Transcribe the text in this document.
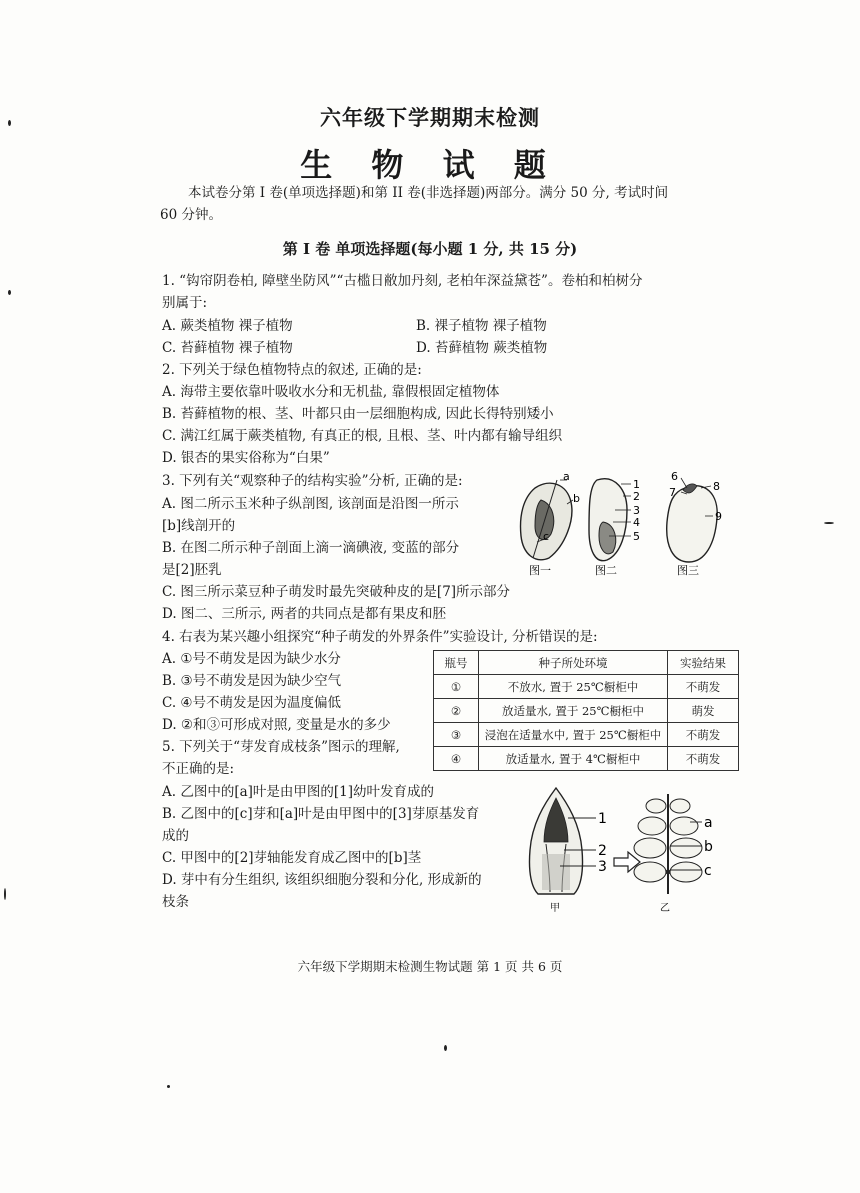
六年级下学期期末检测
生 物 试 题
本试卷分第 I 卷(单项选择题)和第 II 卷(非选择题)两部分。满分 50 分, 考试时间
60 分钟。
第 I 卷 单项选择题(每小题 1 分, 共 15 分)
1. “钩帘阴卷柏, 障壁坐防风”“古槛日敝加丹刻, 老柏年深益黛苍”。卷柏和柏树分
别属于:
A. 蕨类植物 裸子植物	B. 裸子植物 裸子植物
C. 苔藓植物 裸子植物	D. 苔藓植物 蕨类植物
2. 下列关于绿色植物特点的叙述, 正确的是:
A. 海带主要依靠叶吸收水分和无机盐, 靠假根固定植物体
B. 苔藓植物的根、茎、叶都只由一层细胞构成, 因此长得特别矮小
C. 满江红属于蕨类植物, 有真正的根, 且根、茎、叶内都有输导组织
D. 银杏的果实俗称为“白果”
3. 下列有关“观察种子的结构实验”分析, 正确的是:
A. 图二所示玉米种子纵剖图, 该剖面是沿图一所示
[b]线剖开的
B. 在图二所示种子剖面上滴一滴碘液, 变蓝的部分
是[2]胚乳
C. 图三所示菜豆种子萌发时最先突破种皮的是[7]所示部分
D. 图二、三所示, 两者的共同点是都有果皮和胚
a
b
c
图一
1
2
3
4
5
图二
6
7	8
9
图三
4. 右表为某兴趣小组探究“种子萌发的外界条件”实验设计, 分析错误的是:
A. ①号不萌发是因为缺少水分
B. ③号不萌发是因为缺少空气
C. ④号不萌发是因为温度偏低
D. ②和③可形成对照, 变量是水的多少
瓶号	种子所处环境	实验结果
①	不放水, 置于 25℃橱柜中	不萌发
②	放适量水, 置于 25℃橱柜中	萌发
③	浸泡在适量水中, 置于 25℃橱柜中	不萌发
④	放适量水, 置于 4℃橱柜中	不萌发
5. 下列关于“芽发育成枝条”图示的理解,
不正确的是:
A. 乙图中的[a]叶是由甲图的[1]幼叶发育成的
B. 乙图中的[c]芽和[a]叶是由甲图中的[3]芽原基发育
成的
C. 甲图中的[2]芽轴能发育成乙图中的[b]茎
D. 芽中有分生组织, 该组织细胞分裂和分化, 形成新的
枝条
1
2
3
甲
a
b
c
乙
六年级下学期期末检测生物试题 第 1 页 共 6 页
